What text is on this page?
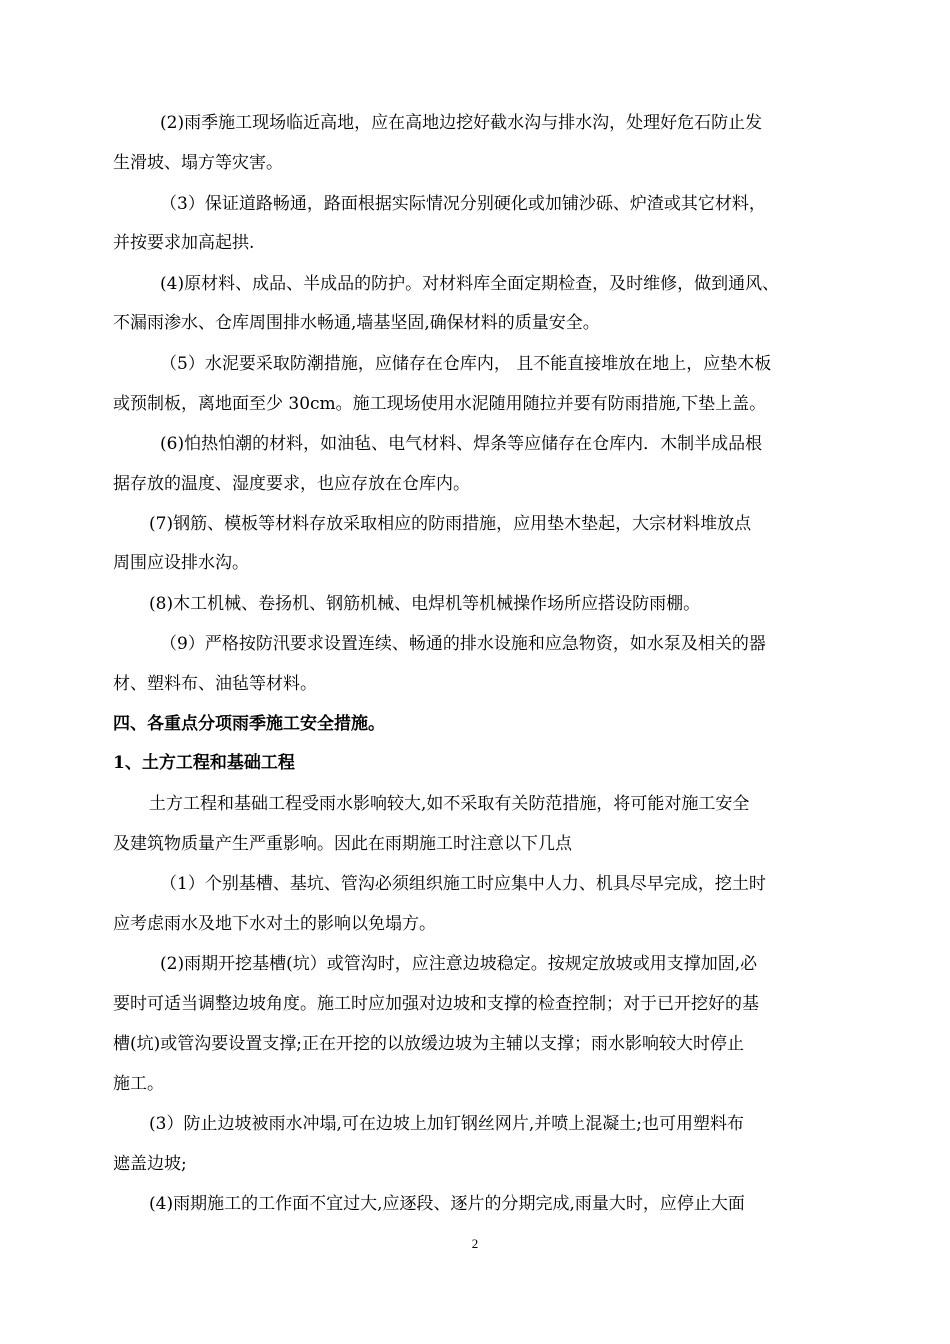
(2)雨季施工现场临近高地，应在高地边挖好截水沟与排水沟，处理好危石防止发
生滑坡、塌方等灾害。
（3）保证道路畅通，路面根据实际情况分别硬化或加铺沙砾、炉渣或其它材料，
并按要求加高起拱.
(4)原材料、成品、半成品的防护。对材料库全面定期检查，及时维修，做到通风、
不漏雨渗水、仓库周围排水畅通,墙基坚固,确保材料的质量安全。
（5）水泥要采取防潮措施，应储存在仓库内， 且不能直接堆放在地上，应垫木板
或预制板，离地面至少 30cm。施工现场使用水泥随用随拉并要有防雨措施,下垫上盖。
(6)怕热怕潮的材料，如油毡、电气材料、焊条等应储存在仓库内．木制半成品根
据存放的温度、湿度要求，也应存放在仓库内。
(7)钢筋、模板等材料存放采取相应的防雨措施，应用垫木垫起，大宗材料堆放点
周围应设排水沟。
(8)木工机械、卷扬机、钢筋机械、电焊机等机械操作场所应搭设防雨棚。
（9）严格按防汛要求设置连续、畅通的排水设施和应急物资，如水泵及相关的器
材、塑料布、油毡等材料。
四、各重点分项雨季施工安全措施。
1、土方工程和基础工程
土方工程和基础工程受雨水影响较大,如不采取有关防范措施，将可能对施工安全
及建筑物质量产生严重影响。因此在雨期施工时注意以下几点
（1）个别基槽、基坑、管沟必须组织施工时应集中人力、机具尽早完成，挖土时
应考虑雨水及地下水对土的影响以免塌方。
(2)雨期开挖基槽(坑）或管沟时，应注意边坡稳定。按规定放坡或用支撑加固,必
要时可适当调整边坡角度。施工时应加强对边坡和支撑的检查控制；对于已开挖好的基
槽(坑)或管沟要设置支撑;正在开挖的以放缓边坡为主辅以支撑；雨水影响较大时停止
施工。
(3）防止边坡被雨水冲塌,可在边坡上加钉钢丝网片,并喷上混凝土;也可用塑料布
遮盖边坡;
(4)雨期施工的工作面不宜过大,应逐段、逐片的分期完成,雨量大时，应停止大面
2
